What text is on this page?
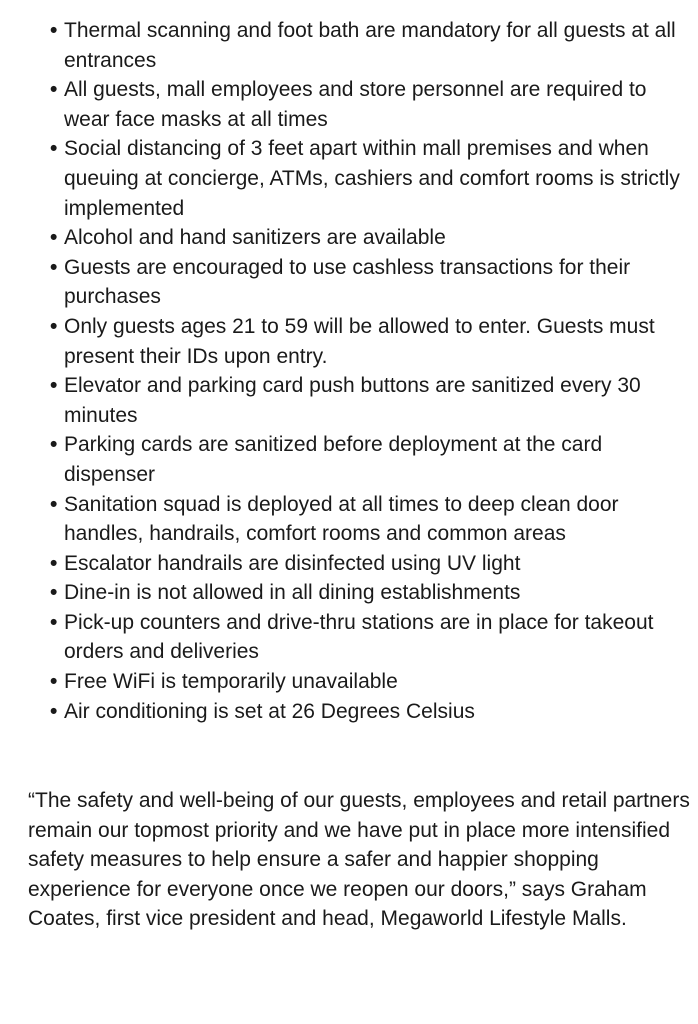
• Thermal scanning and foot bath are mandatory for all guests at all entrances
• All guests, mall employees and store personnel are required to wear face masks at all times
• Social distancing of 3 feet apart within mall premises and when queuing at concierge, ATMs, cashiers and comfort rooms is strictly implemented
• Alcohol and hand sanitizers are available
• Guests are encouraged to use cashless transactions for their purchases
• Only guests ages 21 to 59 will be allowed to enter. Guests must present their IDs upon entry.
• Elevator and parking card push buttons are sanitized every 30 minutes
• Parking cards are sanitized before deployment at the card dispenser
• Sanitation squad is deployed at all times to deep clean door handles, handrails, comfort rooms and common areas
• Escalator handrails are disinfected using UV light
• Dine-in is not allowed in all dining establishments
• Pick-up counters and drive-thru stations are in place for takeout orders and deliveries
• Free WiFi is temporarily unavailable
• Air conditioning is set at 26 Degrees Celsius

“The safety and well-being of our guests, employees and retail partners remain our topmost priority and we have put in place more intensified safety measures to help ensure a safer and happier shopping experience for everyone once we reopen our doors,” says Graham Coates, first vice president and head, Megaworld Lifestyle Malls.
